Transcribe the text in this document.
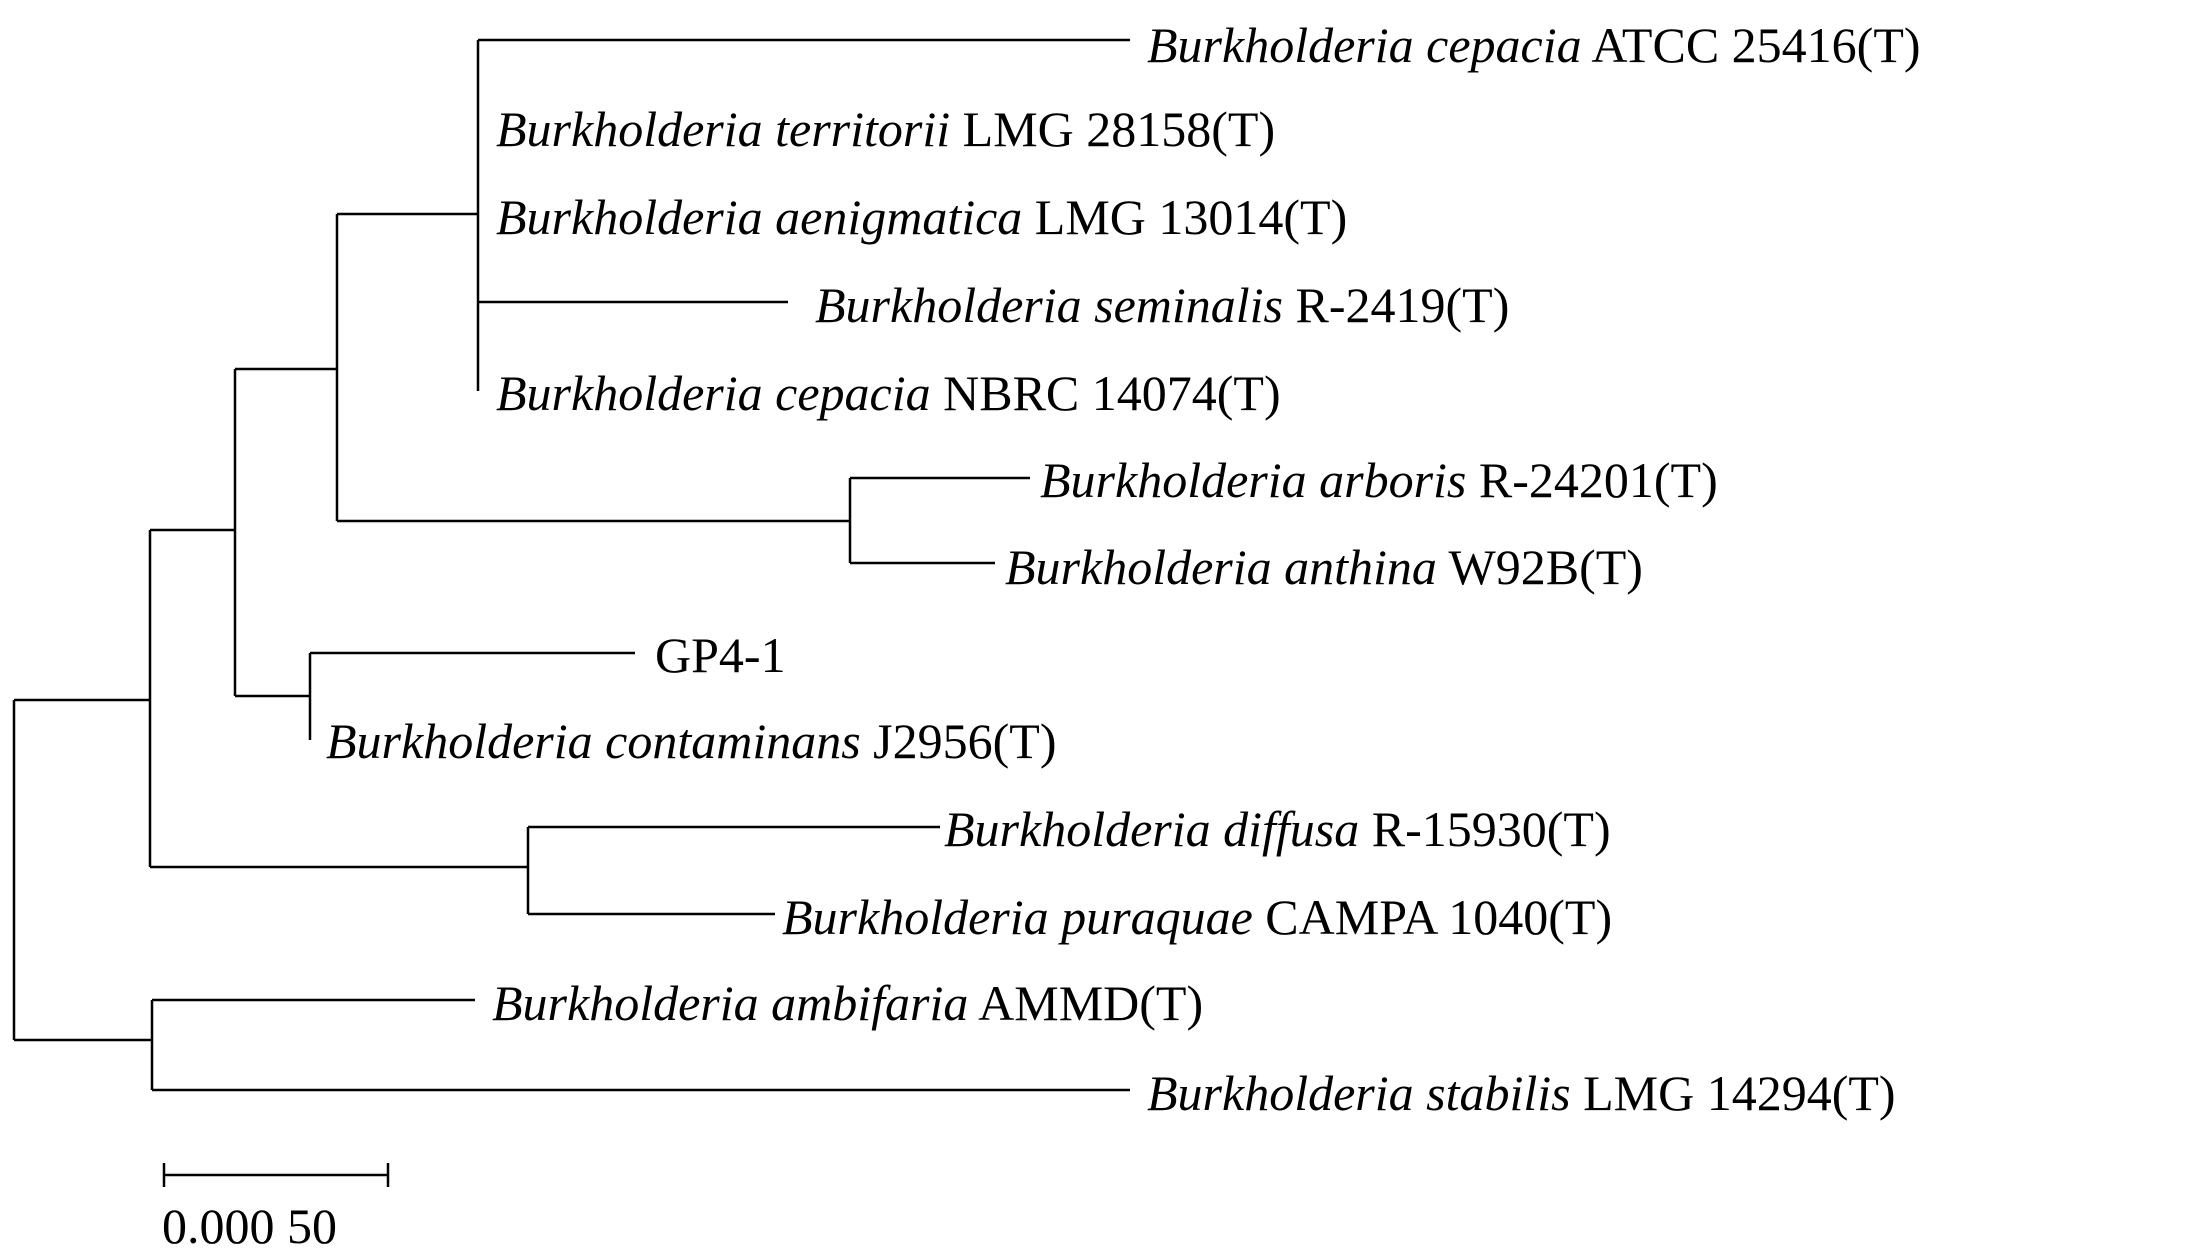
Burkholderia cepacia ATCC 25416(T)
Burkholderia territorii LMG 28158(T)
Burkholderia aenigmatica LMG 13014(T)
Burkholderia seminalis R-2419(T)
Burkholderia cepacia NBRC 14074(T)
Burkholderia arboris R-24201(T)
Burkholderia anthina W92B(T)
GP4-1
Burkholderia contaminans J2956(T)
Burkholderia diffusa R-15930(T)
Burkholderia puraquae CAMPA 1040(T)
Burkholderia ambifaria AMMD(T)
Burkholderia stabilis LMG 14294(T)
0.000 50
